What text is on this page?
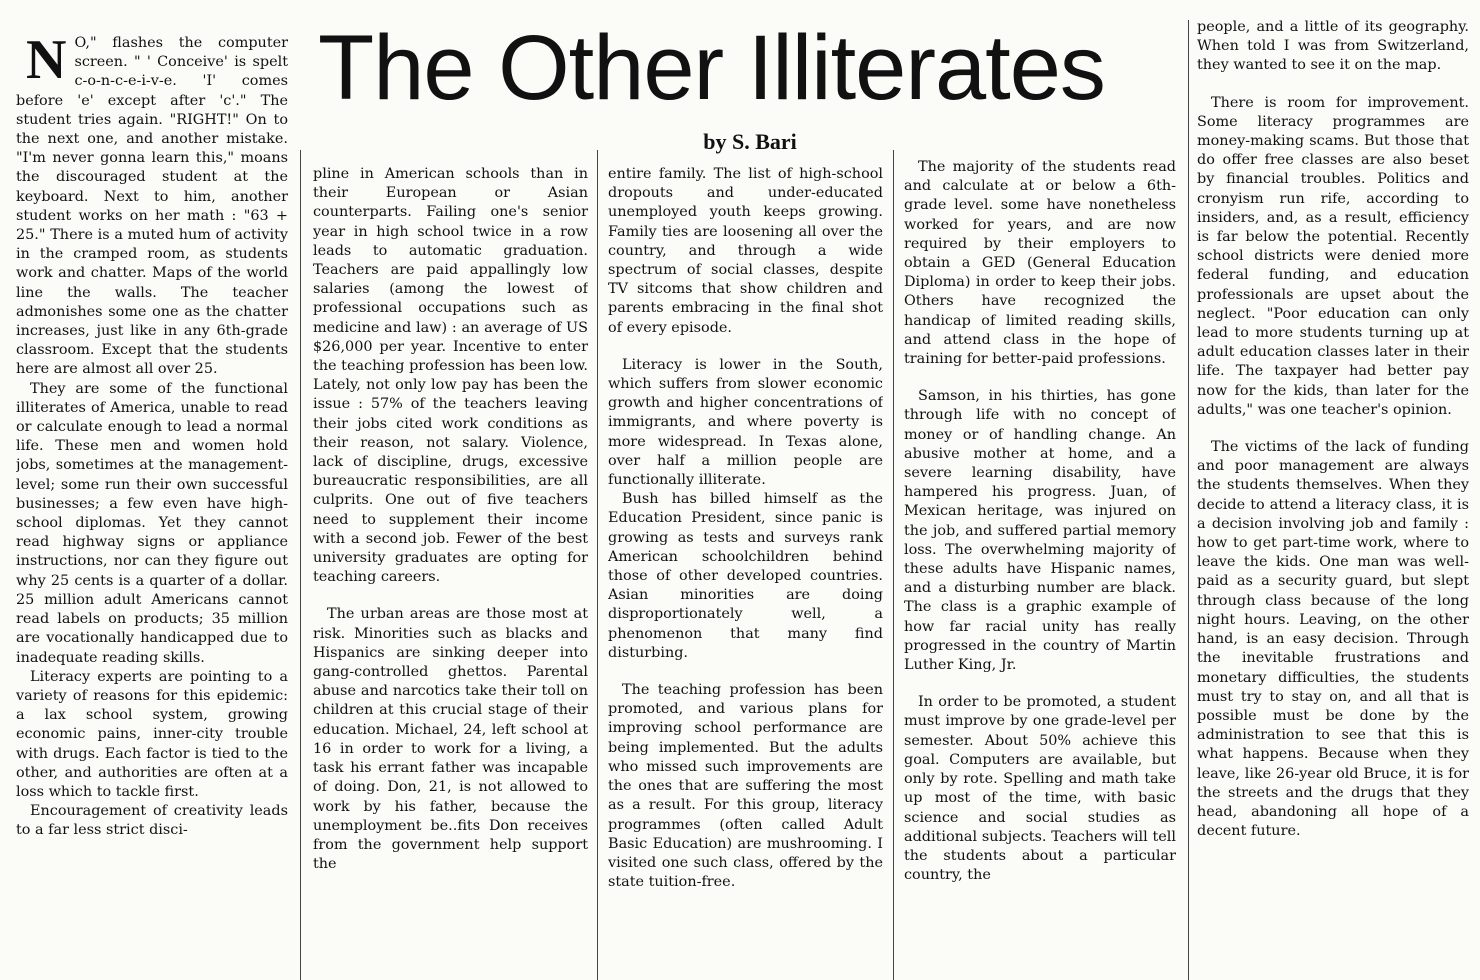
The Other Illiterates
by S. Bari

N O," flashes the computer screen. " ' Conceive' is spelt c-o-n-c-e-i-v-e. 'I' comes before 'e' except after 'c'." The student tries again. "RIGHT!" On to the next one, and another mistake. "I'm never gonna learn this," moans the discouraged student at the keyboard. Next to him, another student works on her math : "63 + 25." There is a muted hum of activity in the cramped room, as students work and chatter. Maps of the world line the walls. The teacher admonishes some one as the chatter increases, just like in any 6th-grade classroom. Except that the students here are almost all over 25.

They are some of the functional illiterates of America, unable to read or calculate enough to lead a normal life. These men and women hold jobs, sometimes at the management-level; some run their own successful businesses; a few even have high-school diplomas. Yet they cannot read highway signs or appliance instructions, nor can they figure out why 25 cents is a quarter of a dollar. 25 million adult Americans cannot read labels on products; 35 million are vocationally handicapped due to inadequate reading skills.

Literacy experts are pointing to a variety of reasons for this epidemic: a lax school system, growing economic pains, inner-city trouble with drugs. Each factor is tied to the other, and authorities are often at a loss which to tackle first.

Encouragement of creativity leads to a far less strict disci-

pline in American schools than in their European or Asian counterparts. Failing one's senior year in high school twice in a row leads to automatic graduation. Teachers are paid appallingly low salaries (among the lowest of professional occupations such as medicine and law) : an average of US $26,000 per year. Incentive to enter the teaching profession has been low. Lately, not only low pay has been the issue : 57% of the teachers leaving their jobs cited work conditions as their reason, not salary. Violence, lack of discipline, drugs, excessive bureaucratic responsibilities, are all culprits. One out of five teachers need to supplement their income with a second job. Fewer of the best university graduates are opting for teaching careers.

The urban areas are those most at risk. Minorities such as blacks and Hispanics are sinking deeper into gang-controlled ghettos. Parental abuse and narcotics take their toll on children at this crucial stage of their education. Michael, 24, left school at 16 in order to work for a living, a task his errant father was incapable of doing. Don, 21, is not allowed to work by his father, because the unemployment be..fits Don receives from the government help support the

entire family. The list of high-school dropouts and under-educated unemployed youth keeps growing. Family ties are loosening all over the country, and through a wide spectrum of social classes, despite TV sitcoms that show children and parents embracing in the final shot of every episode.

Literacy is lower in the South, which suffers from slower economic growth and higher concentrations of immigrants, and where poverty is more widespread. In Texas alone, over half a million people are functionally illiterate.

Bush has billed himself as the Education President, since panic is growing as tests and surveys rank American schoolchildren behind those of other developed countries. Asian minorities are doing disproportionately well, a phenomenon that many find disturbing.

The teaching profession has been promoted, and various plans for improving school performance are being implemented. But the adults who missed such improvements are the ones that are suffering the most as a result. For this group, literacy programmes (often called Adult Basic Education) are mushrooming. I visited one such class, offered by the state tuition-free.

The majority of the students read and calculate at or below a 6th-grade level. some have nonetheless worked for years, and are now required by their employers to obtain a GED (General Education Diploma) in order to keep their jobs. Others have recognized the handicap of limited reading skills, and attend class in the hope of training for better-paid professions.

Samson, in his thirties, has gone through life with no concept of money or of handling change. An abusive mother at home, and a severe learning disability, have hampered his progress. Juan, of Mexican heritage, was injured on the job, and suffered partial memory loss. The overwhelming majority of these adults have Hispanic names, and a disturbing number are black. The class is a graphic example of how far racial unity has really progressed in the country of Martin Luther King, Jr.

In order to be promoted, a student must improve by one grade-level per semester. About 50% achieve this goal. Computers are available, but only by rote. Spelling and math take up most of the time, with basic science and social studies as additional subjects. Teachers will tell the students about a particular country, the

people, and a little of its geography. When told I was from Switzerland, they wanted to see it on the map.

There is room for improvement. Some literacy programmes are money-making scams. But those that do offer free classes are also beset by financial troubles. Politics and cronyism run rife, according to insiders, and, as a result, efficiency is far below the potential. Recently school districts were denied more federal funding, and education professionals are upset about the neglect. "Poor education can only lead to more students turning up at adult education classes later in their life. The taxpayer had better pay now for the kids, than later for the adults," was one teacher's opinion.

The victims of the lack of funding and poor management are always the students themselves. When they decide to attend a literacy class, it is a decision involving job and family : how to get part-time work, where to leave the kids. One man was well-paid as a security guard, but slept through class because of the long night hours. Leaving, on the other hand, is an easy decision. Through the inevitable frustrations and monetary difficulties, the students must try to stay on, and all that is possible must be done by the administration to see that this is what happens. Because when they leave, like 26-year old Bruce, it is for the streets and the drugs that they head, abandoning all hope of a decent future.
